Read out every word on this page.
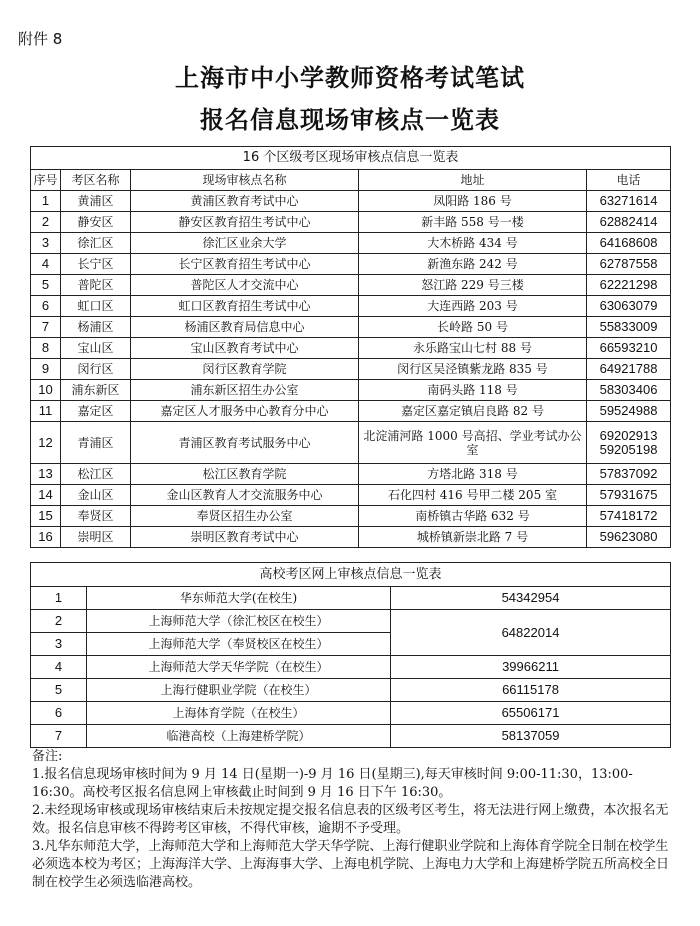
附件 8
上海市中小学教师资格考试笔试
报名信息现场审核点一览表
16 个区级考区现场审核点信息一览表				
序号	考区名称	现场审核点名称	地址	电话
1	黄浦区	黄浦区教育考试中心	凤阳路 186 号	63271614
2	静安区	静安区教育招生考试中心	新丰路 558 号一楼	62882414
3	徐汇区	徐汇区业余大学	大木桥路 434 号	64168608
4	长宁区	长宁区教育招生考试中心	新渔东路 242 号	62787558
5	普陀区	普陀区人才交流中心	怒江路 229 号三楼	62221298
6	虹口区	虹口区教育招生考试中心	大连西路 203 号	63063079
7	杨浦区	杨浦区教育局信息中心	长岭路 50 号	55833009
8	宝山区	宝山区教育考试中心	永乐路宝山七村 88 号	66593210
9	闵行区	闵行区教育学院	闵行区吴泾镇紫龙路 835 号	64921788
10	浦东新区	浦东新区招生办公室	南码头路 118 号	58303406
11	嘉定区	嘉定区人才服务中心教育分中心	嘉定区嘉定镇启良路 82 号	59524988
12	青浦区	青浦区教育考试服务中心	北淀浦河路 1000 号高招、学业考试办公室	69202913
59205198

13	松江区	松江区教育学院	方塔北路 318 号	57837092
14	金山区	金山区教育人才交流服务中心	石化四村 416 号甲二楼 205 室	57931675
15	奉贤区	奉贤区招生办公室	南桥镇古华路 632 号	57418172
16	崇明区	崇明区教育考试中心	城桥镇新崇北路 7 号	59623080
高校考区网上审核点信息一览表		
1	华东师范大学(在校生)	54342954
2	上海师范大学（徐汇校区在校生）	64822014
3	上海师范大学（奉贤校区在校生）	
4	上海师范大学天华学院（在校生）	39966211
5	上海行健职业学院（在校生）	66115178
6	上海体育学院（在校生）	65506171
7	临港高校（上海建桥学院）	58137059

备注:

1.报名信息现场审核时间为 9 月 14 日(星期一)-9 月 16 日(星期三),每天审核时间 9:00-11:30，13:00-16:30。高校考区报名信息网上审核截止时间到 9 月 16 日下午 16:30。

2.未经现场审核或现场审核结束后未按规定提交报名信息表的区级考区考生，将无法进行网上缴费，本次报名无效。报名信息审核不得跨考区审核，不得代审核，逾期不予受理。

3.凡华东师范大学，上海师范大学和上海师范大学天华学院、上海行健职业学院和上海体育学院全日制在校学生必须选本校为考区；上海海洋大学、上海海事大学、上海电机学院、上海电力大学和上海建桥学院五所高校全日制在校学生必须选临港高校。
